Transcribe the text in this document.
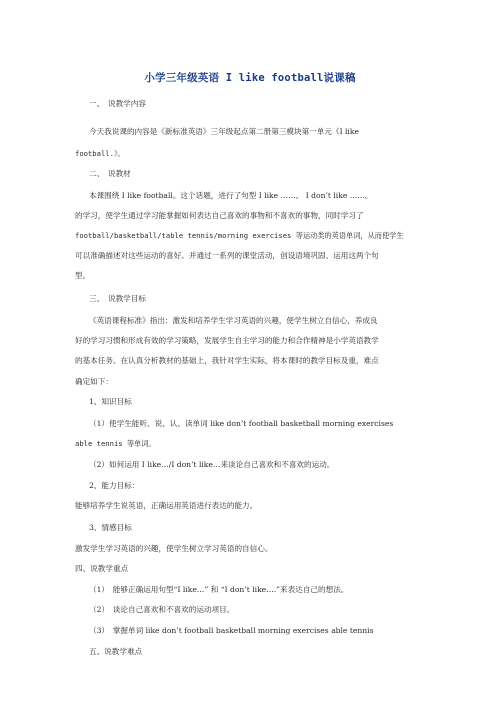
小学三年级英语 I like football说课稿
一、　说教学内容
今天我说课的内容是《新标准英语》三年级起点第二册第三模块第一单元《I like
football.》。
二、　说教材
本课围绕 I like football。这个话题，进行了句型 I like ……。 I don’t like ……。
的学习，使学生通过学习能掌握如何表达自己喜欢的事物和不喜欢的事物，同时学习了
football/basketball/table tennis/morning exercises 等运动类的英语单词，从而使学生
可以准确描述对这些运动的喜好。并通过一系列的课堂活动，创设语境巩固、运用这两个句
型。
三、　说教学目标
《英语课程标准》指出：激发和培养学生学习英语的兴趣，使学生树立自信心，养成良
好的学习习惯和形成有效的学习策略，发展学生自主学习的能力和合作精神是小学英语教学
的基本任务。在认真分析教材的基础上，我针对学生实际，将本课时的教学目标及重，难点
确定如下：
1、知识目标
（1）使学生能听、说、认、读单词 like don’t football basketball morning exercises
able tennis 等单词。
（2）如何运用 I like…/I don’t like…来谈论自己喜欢和不喜欢的运动。
2、能力目标：
能够培养学生说英语，正确运用英语进行表达的能力。
3、情感目标
激发学生学习英语的兴趣，使学生树立学习英语的自信心。
四、说教学重点
（1）　能够正确运用句型“I like…” 和 “I don’t like….”来表达自己的想法。
（2）　谈论自己喜欢和不喜欢的运动项目。
（3）　掌握单词 like don’t football basketball morning exercises able tennis
五、说教学难点
